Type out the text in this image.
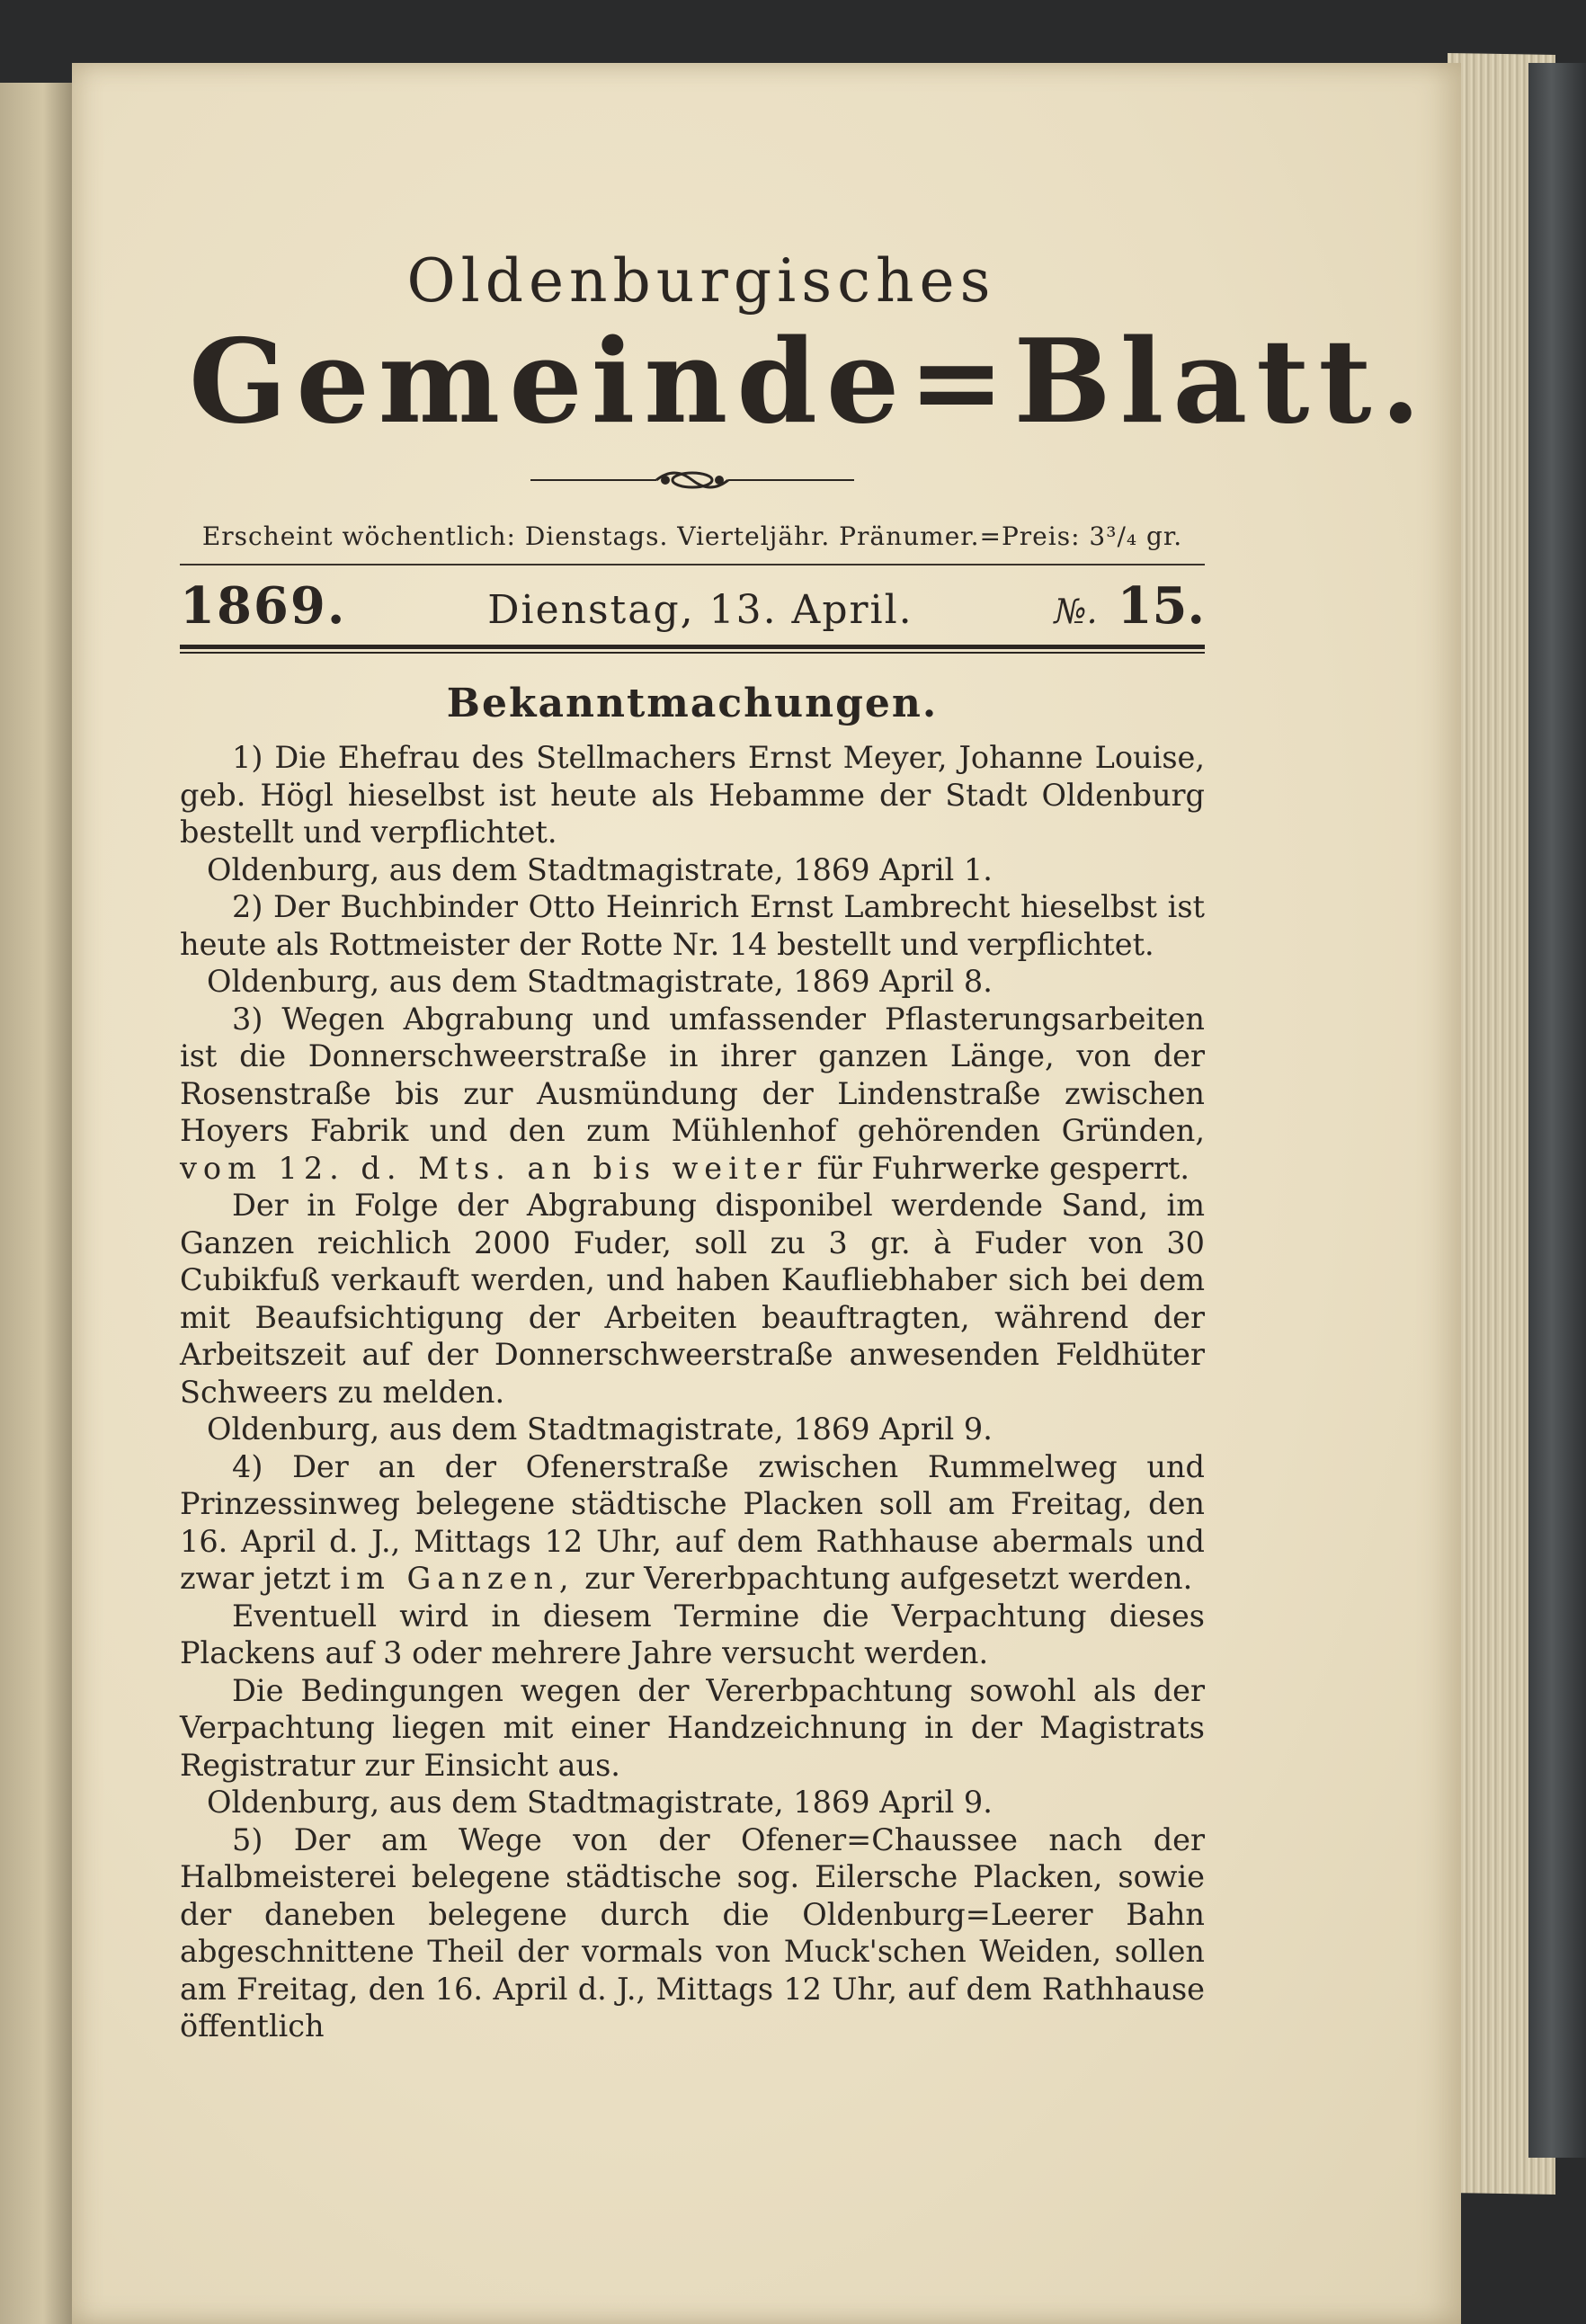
Oldenburgisches
Gemeinde=Blatt.
Erscheint wöchentlich: Dienstags. Vierteljähr. Pränumer.=Preis: 3³/₄ gr.
1869.	Dienstag, 13. April.	№. 15.
Bekanntmachungen.

1) Die Ehefrau des Stellmachers Ernst Meyer, Johanne Louise, geb. Högl hieselbst ist heute als Hebamme der Stadt Oldenburg bestellt und verpflichtet.

Oldenburg, aus dem Stadtmagistrate, 1869 April 1.

2) Der Buchbinder Otto Heinrich Ernst Lambrecht hieselbst ist heute als Rottmeister der Rotte Nr. 14 bestellt und verpflichtet.

Oldenburg, aus dem Stadtmagistrate, 1869 April 8.

3) Wegen Abgrabung und umfassender Pflasterungsarbeiten ist die Donnerschweerstraße in ihrer ganzen Länge, von der Rosenstraße bis zur Ausmündung der Lindenstraße zwischen Hoyers Fabrik und den zum Mühlenhof gehörenden Gründen, vom 12. d. Mts. an bis weiter für Fuhrwerke gesperrt.

Der in Folge der Abgrabung disponibel werdende Sand, im Ganzen reichlich 2000 Fuder, soll zu 3 gr. à Fuder von 30 Cubikfuß verkauft werden, und haben Kaufliebhaber sich bei dem mit Beaufsichtigung der Arbeiten beauftragten, während der Arbeitszeit auf der Donnerschweerstraße anwesenden Feldhüter Schweers zu melden.

Oldenburg, aus dem Stadtmagistrate, 1869 April 9.

4) Der an der Ofenerstraße zwischen Rummelweg und Prinzessinweg belegene städtische Placken soll am Freitag, den 16. April d. J., Mittags 12 Uhr, auf dem Rathhause abermals und zwar jetzt im Ganzen, zur Vererbpachtung aufgesetzt werden.

Eventuell wird in diesem Termine die Verpachtung dieses Plackens auf 3 oder mehrere Jahre versucht werden.

Die Bedingungen wegen der Vererbpachtung sowohl als der Verpachtung liegen mit einer Handzeichnung in der Magistrats Registratur zur Einsicht aus.

Oldenburg, aus dem Stadtmagistrate, 1869 April 9.

5) Der am Wege von der Ofener=Chaussee nach der Halbmeisterei belegene städtische sog. Eilersche Placken, sowie der daneben belegene durch die Oldenburg=Leerer Bahn abgeschnittene Theil der vormals von Muck'schen Weiden, sollen am Freitag, den 16. April d. J., Mittags 12 Uhr, auf dem Rathhause öffentlich
